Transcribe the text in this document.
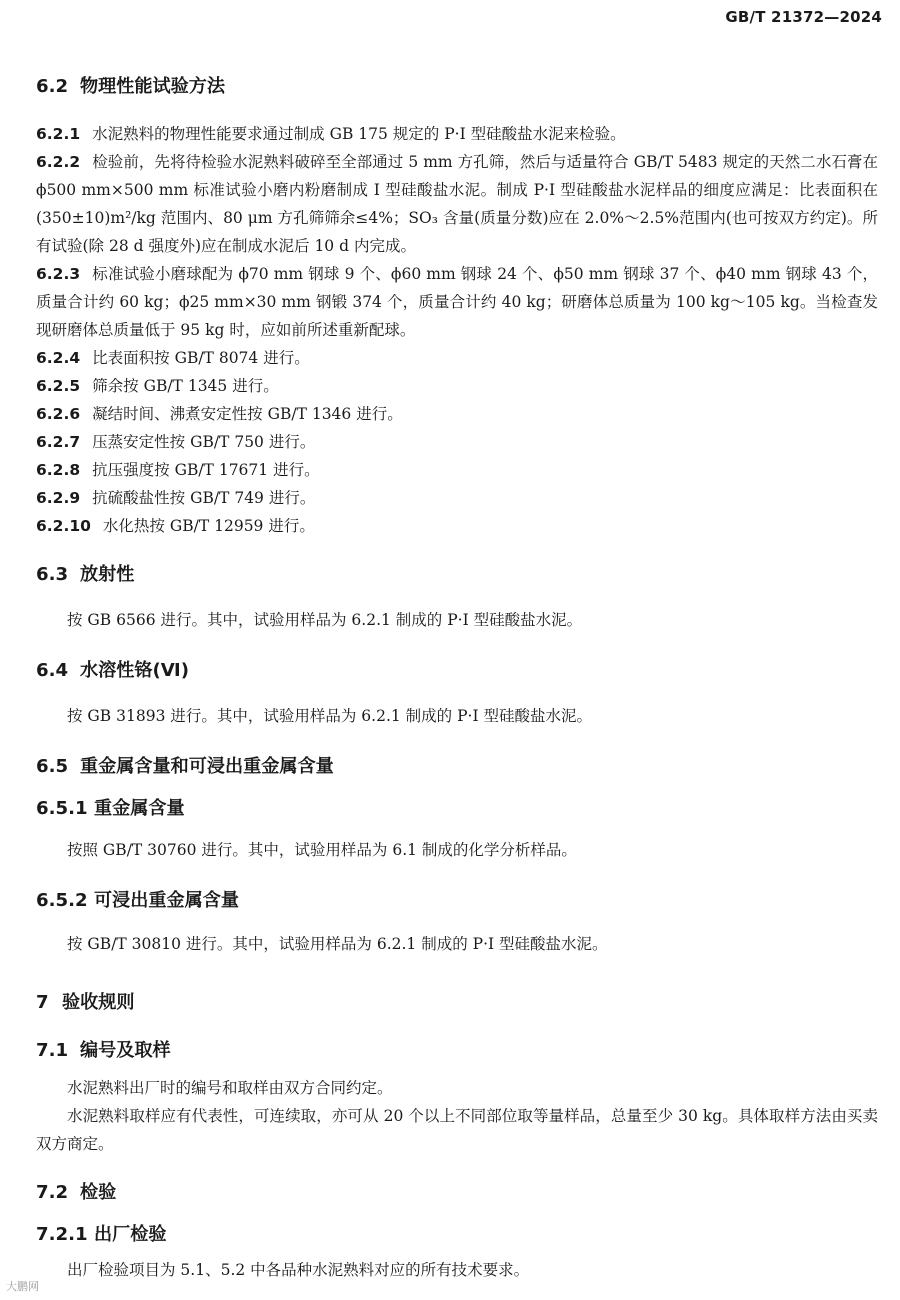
GB/T 21372—2024
6.2 物理性能试验方法

6.2.1 水泥熟料的物理性能要求通过制成 GB 175 规定的 P·I 型硅酸盐水泥来检验。

6.2.2 检验前，先将待检验水泥熟料破碎至全部通过 5 mm 方孔筛，然后与适量符合 GB/T 5483 规定的天然二水石膏在 ϕ500 mm×500 mm 标准试验小磨内粉磨制成 I 型硅酸盐水泥。制成 P·I 型硅酸盐水泥样品的细度应满足：比表面积在(350±10)m²/kg 范围内、80 μm 方孔筛筛余≤4%；SO₃ 含量(质量分数)应在 2.0%～2.5%范围内(也可按双方约定)。所有试验(除 28 d 强度外)应在制成水泥后 10 d 内完成。

6.2.3 标准试验小磨球配为 ϕ70 mm 钢球 9 个、ϕ60 mm 钢球 24 个、ϕ50 mm 钢球 37 个、ϕ40 mm 钢球 43 个，质量合计约 60 kg；ϕ25 mm×30 mm 钢锻 374 个，质量合计约 40 kg；研磨体总质量为 100 kg～105 kg。当检查发现研磨体总质量低于 95 kg 时，应如前所述重新配球。

6.2.4 比表面积按 GB/T 8074 进行。

6.2.5 筛余按 GB/T 1345 进行。

6.2.6 凝结时间、沸煮安定性按 GB/T 1346 进行。

6.2.7 压蒸安定性按 GB/T 750 进行。

6.2.8 抗压强度按 GB/T 17671 进行。

6.2.9 抗硫酸盐性按 GB/T 749 进行。

6.2.10 水化热按 GB/T 12959 进行。

6.3 放射性

按 GB 6566 进行。其中，试验用样品为 6.2.1 制成的 P·I 型硅酸盐水泥。

6.4 水溶性铬(Ⅵ)

按 GB 31893 进行。其中，试验用样品为 6.2.1 制成的 P·I 型硅酸盐水泥。

6.5 重金属含量和可浸出重金属含量
6.5.1 重金属含量

按照 GB/T 30760 进行。其中，试验用样品为 6.1 制成的化学分析样品。

6.5.2 可浸出重金属含量

按 GB/T 30810 进行。其中，试验用样品为 6.2.1 制成的 P·I 型硅酸盐水泥。

7 验收规则
7.1 编号及取样

水泥熟料出厂时的编号和取样由双方合同约定。

水泥熟料取样应有代表性，可连续取，亦可从 20 个以上不同部位取等量样品，总量至少 30 kg。具体取样方法由买卖双方商定。

7.2 检验
7.2.1 出厂检验

出厂检验项目为 5.1、5.2 中各品种水泥熟料对应的所有技术要求。

大鹏网
